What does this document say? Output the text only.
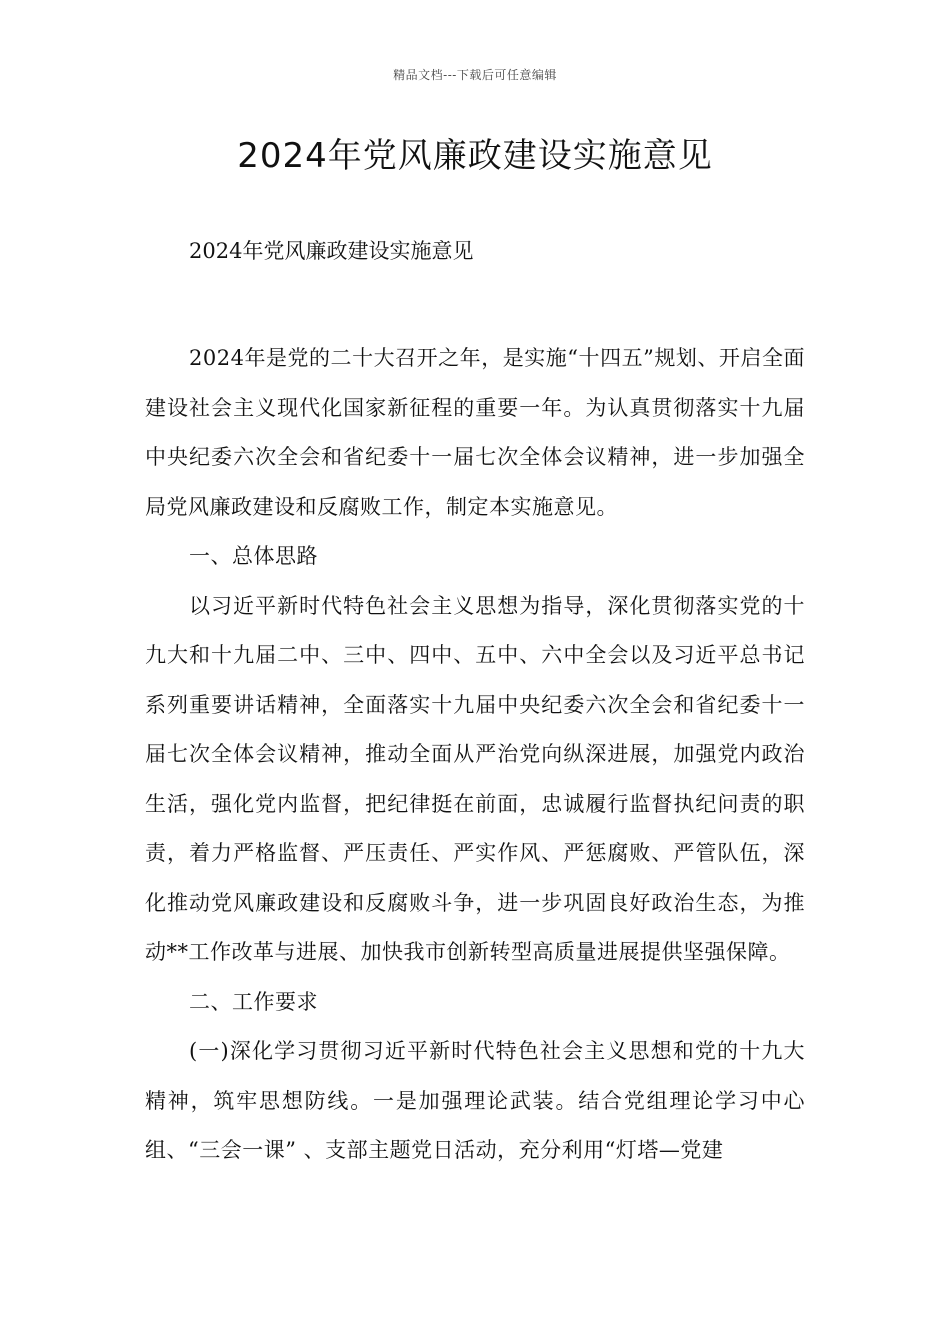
精品文档---下载后可任意编辑
2024年党风廉政建设实施意见

2024年党风廉政建设实施意见

2024年是党的二十大召开之年，是实施“十四五”规划、开启全面建设社会主义现代化国家新征程的重要一年。为认真贯彻落实十九届中央纪委六次全会和省纪委十一届七次全体会议精神，进一步加强全局党风廉政建设和反腐败工作，制定本实施意见。

一、总体思路

以习近平新时代特色社会主义思想为指导，深化贯彻落实党的十九大和十九届二中、三中、四中、五中、六中全会以及习近平总书记系列重要讲话精神，全面落实十九届中央纪委六次全会和省纪委十一届七次全体会议精神，推动全面从严治党向纵深进展，加强党内政治生活，强化党内监督，把纪律挺在前面，忠诚履行监督执纪问责的职责，着力严格监督、严压责任、严实作风、严惩腐败、严管队伍，深化推动党风廉政建设和反腐败斗争，进一步巩固良好政治生态，为推动**工作改革与进展、加快我市创新转型高质量进展提供坚强保障。

二、工作要求

(一)深化学习贯彻习近平新时代特色社会主义思想和党的十九大精神，筑牢思想防线。一是加强理论武装。结合党组理论学习中心组、“三会一课” 、支部主题党日活动，充分利用“灯塔—党建
